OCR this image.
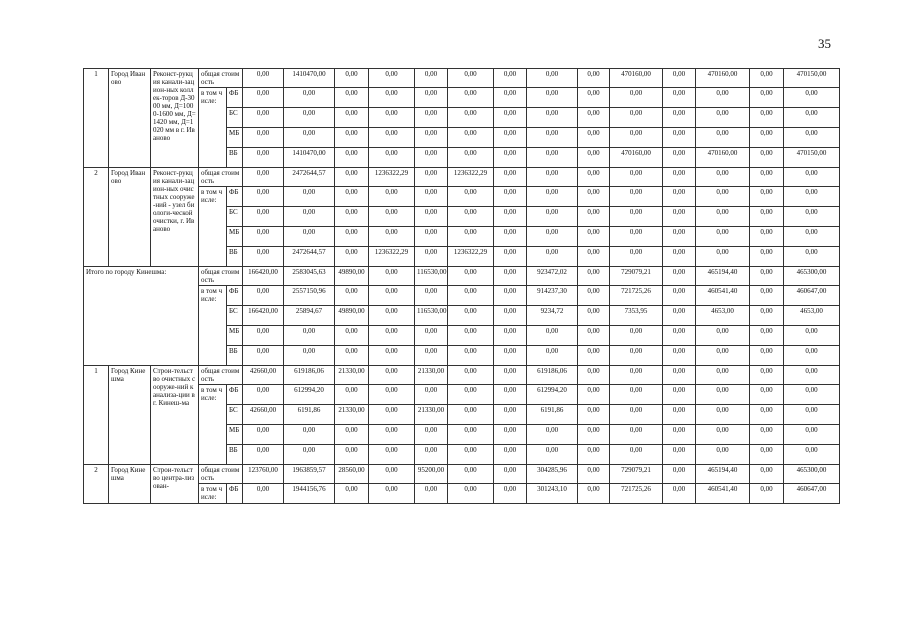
35
1	Город Иваново	Реконст-рукция канали-зацион-ных коллек-торов Д-3000 мм, Д=1000-1600 мм, Д=1420 мм, Д=1020 мм в г. Иваново	общая стоимость		0,00	1410470,00	0,00	0,00	0,00	0,00	0,00	0,00	0,00	470160,00	0,00	470160,00	0,00	470150,00
			в том числе:	ФБ	0,00	0,00	0,00	0,00	0,00	0,00	0,00	0,00	0,00	0,00	0,00	0,00	0,00	0,00
				БС	0,00	0,00	0,00	0,00	0,00	0,00	0,00	0,00	0,00	0,00	0,00	0,00	0,00	0,00
				МБ	0,00	0,00	0,00	0,00	0,00	0,00	0,00	0,00	0,00	0,00	0,00	0,00	0,00	0,00
				ВБ	0,00	1410470,00	0,00	0,00	0,00	0,00	0,00	0,00	0,00	470160,00	0,00	470160,00	0,00	470150,00
2	Город Иваново	Реконст-рукция канали-зацион-ных очистных сооруже-ний - узел биологи-ческой очистки, г. Иваново	общая стоимость		0,00	2472644,57	0,00	1236322,29	0,00	1236322,29	0,00	0,00	0,00	0,00	0,00	0,00	0,00	0,00
			в том числе:	ФБ	0,00	0,00	0,00	0,00	0,00	0,00	0,00	0,00	0,00	0,00	0,00	0,00	0,00	0,00
				БС	0,00	0,00	0,00	0,00	0,00	0,00	0,00	0,00	0,00	0,00	0,00	0,00	0,00	0,00
				МБ	0,00	0,00	0,00	0,00	0,00	0,00	0,00	0,00	0,00	0,00	0,00	0,00	0,00	0,00
				ВБ	0,00	2472644,57	0,00	1236322,29	0,00	1236322,29	0,00	0,00	0,00	0,00	0,00	0,00	0,00	0,00
Итого по городу Кинешма:			общая стоимость		166420,00	2583045,63	49890,00	0,00	116530,00	0,00	0,00	923472,02	0,00	729079,21	0,00	465194,40	0,00	465300,00
			в том числе:	ФБ	0,00	2557150,96	0,00	0,00	0,00	0,00	0,00	914237,30	0,00	721725,26	0,00	460541,40	0,00	460647,00
				БС	166420,00	25894,67	49890,00	0,00	116530,00	0,00	0,00	9234,72	0,00	7353,95	0,00	4653,00	0,00	4653,00
				МБ	0,00	0,00	0,00	0,00	0,00	0,00	0,00	0,00	0,00	0,00	0,00	0,00	0,00	0,00
				ВБ	0,00	0,00	0,00	0,00	0,00	0,00	0,00	0,00	0,00	0,00	0,00	0,00	0,00	0,00
1	Город Кинешма	Строи-тельство очистных сооруже-ний канализа-ции в г. Кинеш-ма	общая стоимость		42660,00	619186,06	21330,00	0,00	21330,00	0,00	0,00	619186,06	0,00	0,00	0,00	0,00	0,00	0,00
			в том числе:	ФБ	0,00	612994,20	0,00	0,00	0,00	0,00	0,00	612994,20	0,00	0,00	0,00	0,00	0,00	0,00
				БС	42660,00	6191,86	21330,00	0,00	21330,00	0,00	0,00	6191,86	0,00	0,00	0,00	0,00	0,00	0,00
				МБ	0,00	0,00	0,00	0,00	0,00	0,00	0,00	0,00	0,00	0,00	0,00	0,00	0,00	0,00
				ВБ	0,00	0,00	0,00	0,00	0,00	0,00	0,00	0,00	0,00	0,00	0,00	0,00	0,00	0,00
2	Город Кинешма	Строи-тельство центра-лизован-	общая стоимость		123760,00	1963859,57	28560,00	0,00	95200,00	0,00	0,00	304285,96	0,00	729079,21	0,00	465194,40	0,00	465300,00
			в том числе:	ФБ	0,00	1944156,76	0,00	0,00	0,00	0,00	0,00	301243,10	0,00	721725,26	0,00	460541,40	0,00	460647,00
